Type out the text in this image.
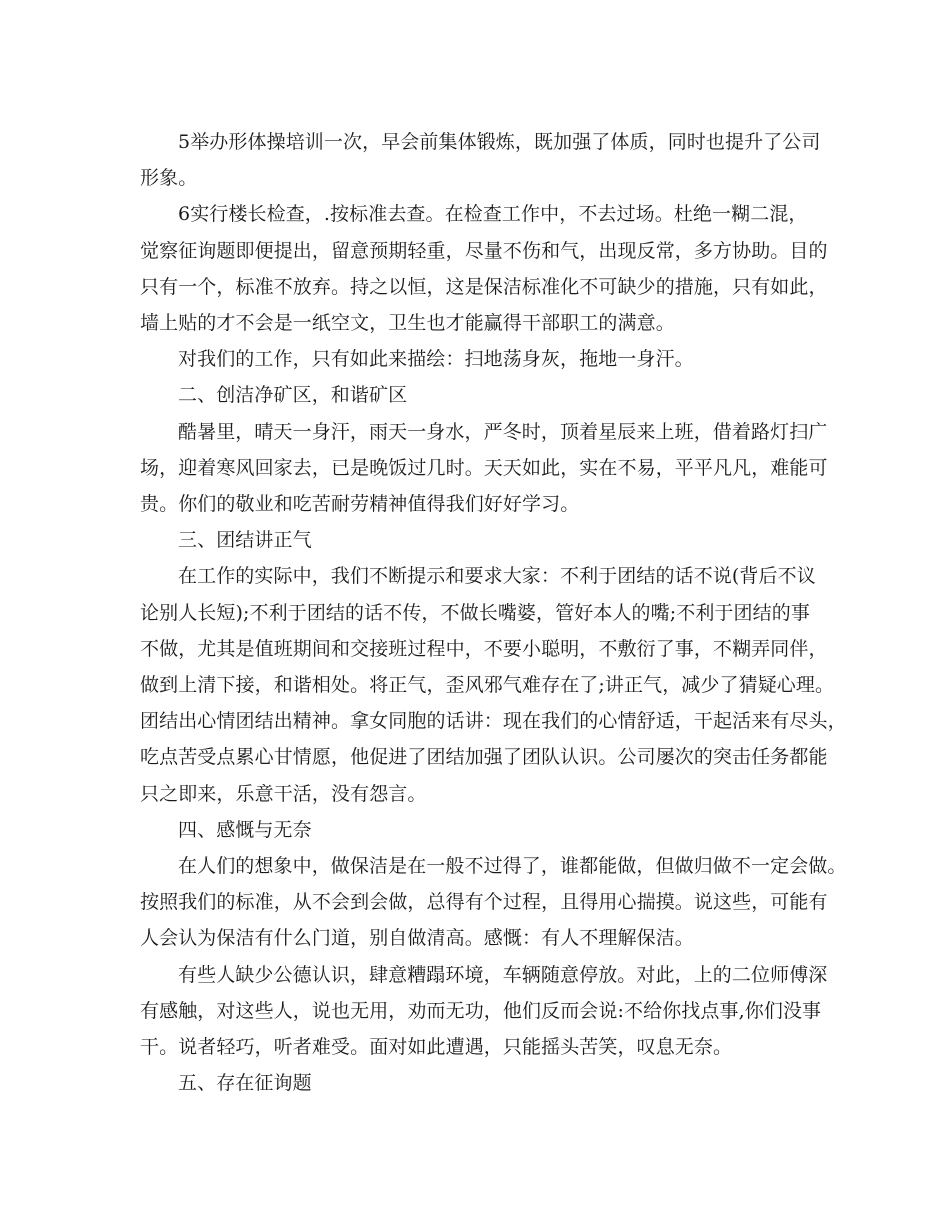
5举办形体操培训一次，早会前集体锻炼，既加强了体质，同时也提升了公司
形象。
6实行楼长检查，.按标准去查。在检查工作中，不去过场。杜绝一糊二混，
觉察征询题即便提出，留意预期轻重，尽量不伤和气，出现反常，多方协助。目的
只有一个，标准不放弃。持之以恒，这是保洁标准化不可缺少的措施，只有如此，
墙上贴的才不会是一纸空文，卫生也才能赢得干部职工的满意。
对我们的工作，只有如此来描绘：扫地荡身灰，拖地一身汗。
二、创洁净矿区，和谐矿区
酷暑里，晴天一身汗，雨天一身水，严冬时，顶着星辰来上班，借着路灯扫广
场，迎着寒风回家去，已是晚饭过几时。天天如此，实在不易，平平凡凡，难能可
贵。你们的敬业和吃苦耐劳精神值得我们好好学习。
三、团结讲正气
在工作的实际中，我们不断提示和要求大家：不利于团结的话不说(背后不议
论别人长短);不利于团结的话不传，不做长嘴婆，管好本人的嘴;不利于团结的事
不做，尤其是值班期间和交接班过程中，不要小聪明，不敷衍了事，不糊弄同伴，
做到上清下接，和谐相处。将正气，歪风邪气难存在了;讲正气，减少了猜疑心理。
团结出心情团结出精神。拿女同胞的话讲：现在我们的心情舒适，干起活来有尽头，
吃点苦受点累心甘情愿，他促进了团结加强了团队认识。公司屡次的突击任务都能
只之即来，乐意干活，没有怨言。
四、感慨与无奈
在人们的想象中，做保洁是在一般不过得了，谁都能做，但做归做不一定会做。
按照我们的标准，从不会到会做，总得有个过程，且得用心揣摸。说这些，可能有
人会认为保洁有什么门道，别自做清高。感慨：有人不理解保洁。
有些人缺少公德认识，肆意糟蹋环境，车辆随意停放。对此，上的二位师傅深
有感触，对这些人，说也无用，劝而无功，他们反而会说:不给你找点事,你们没事
干。说者轻巧，听者难受。面对如此遭遇，只能摇头苦笑，叹息无奈。
五、存在征询题
